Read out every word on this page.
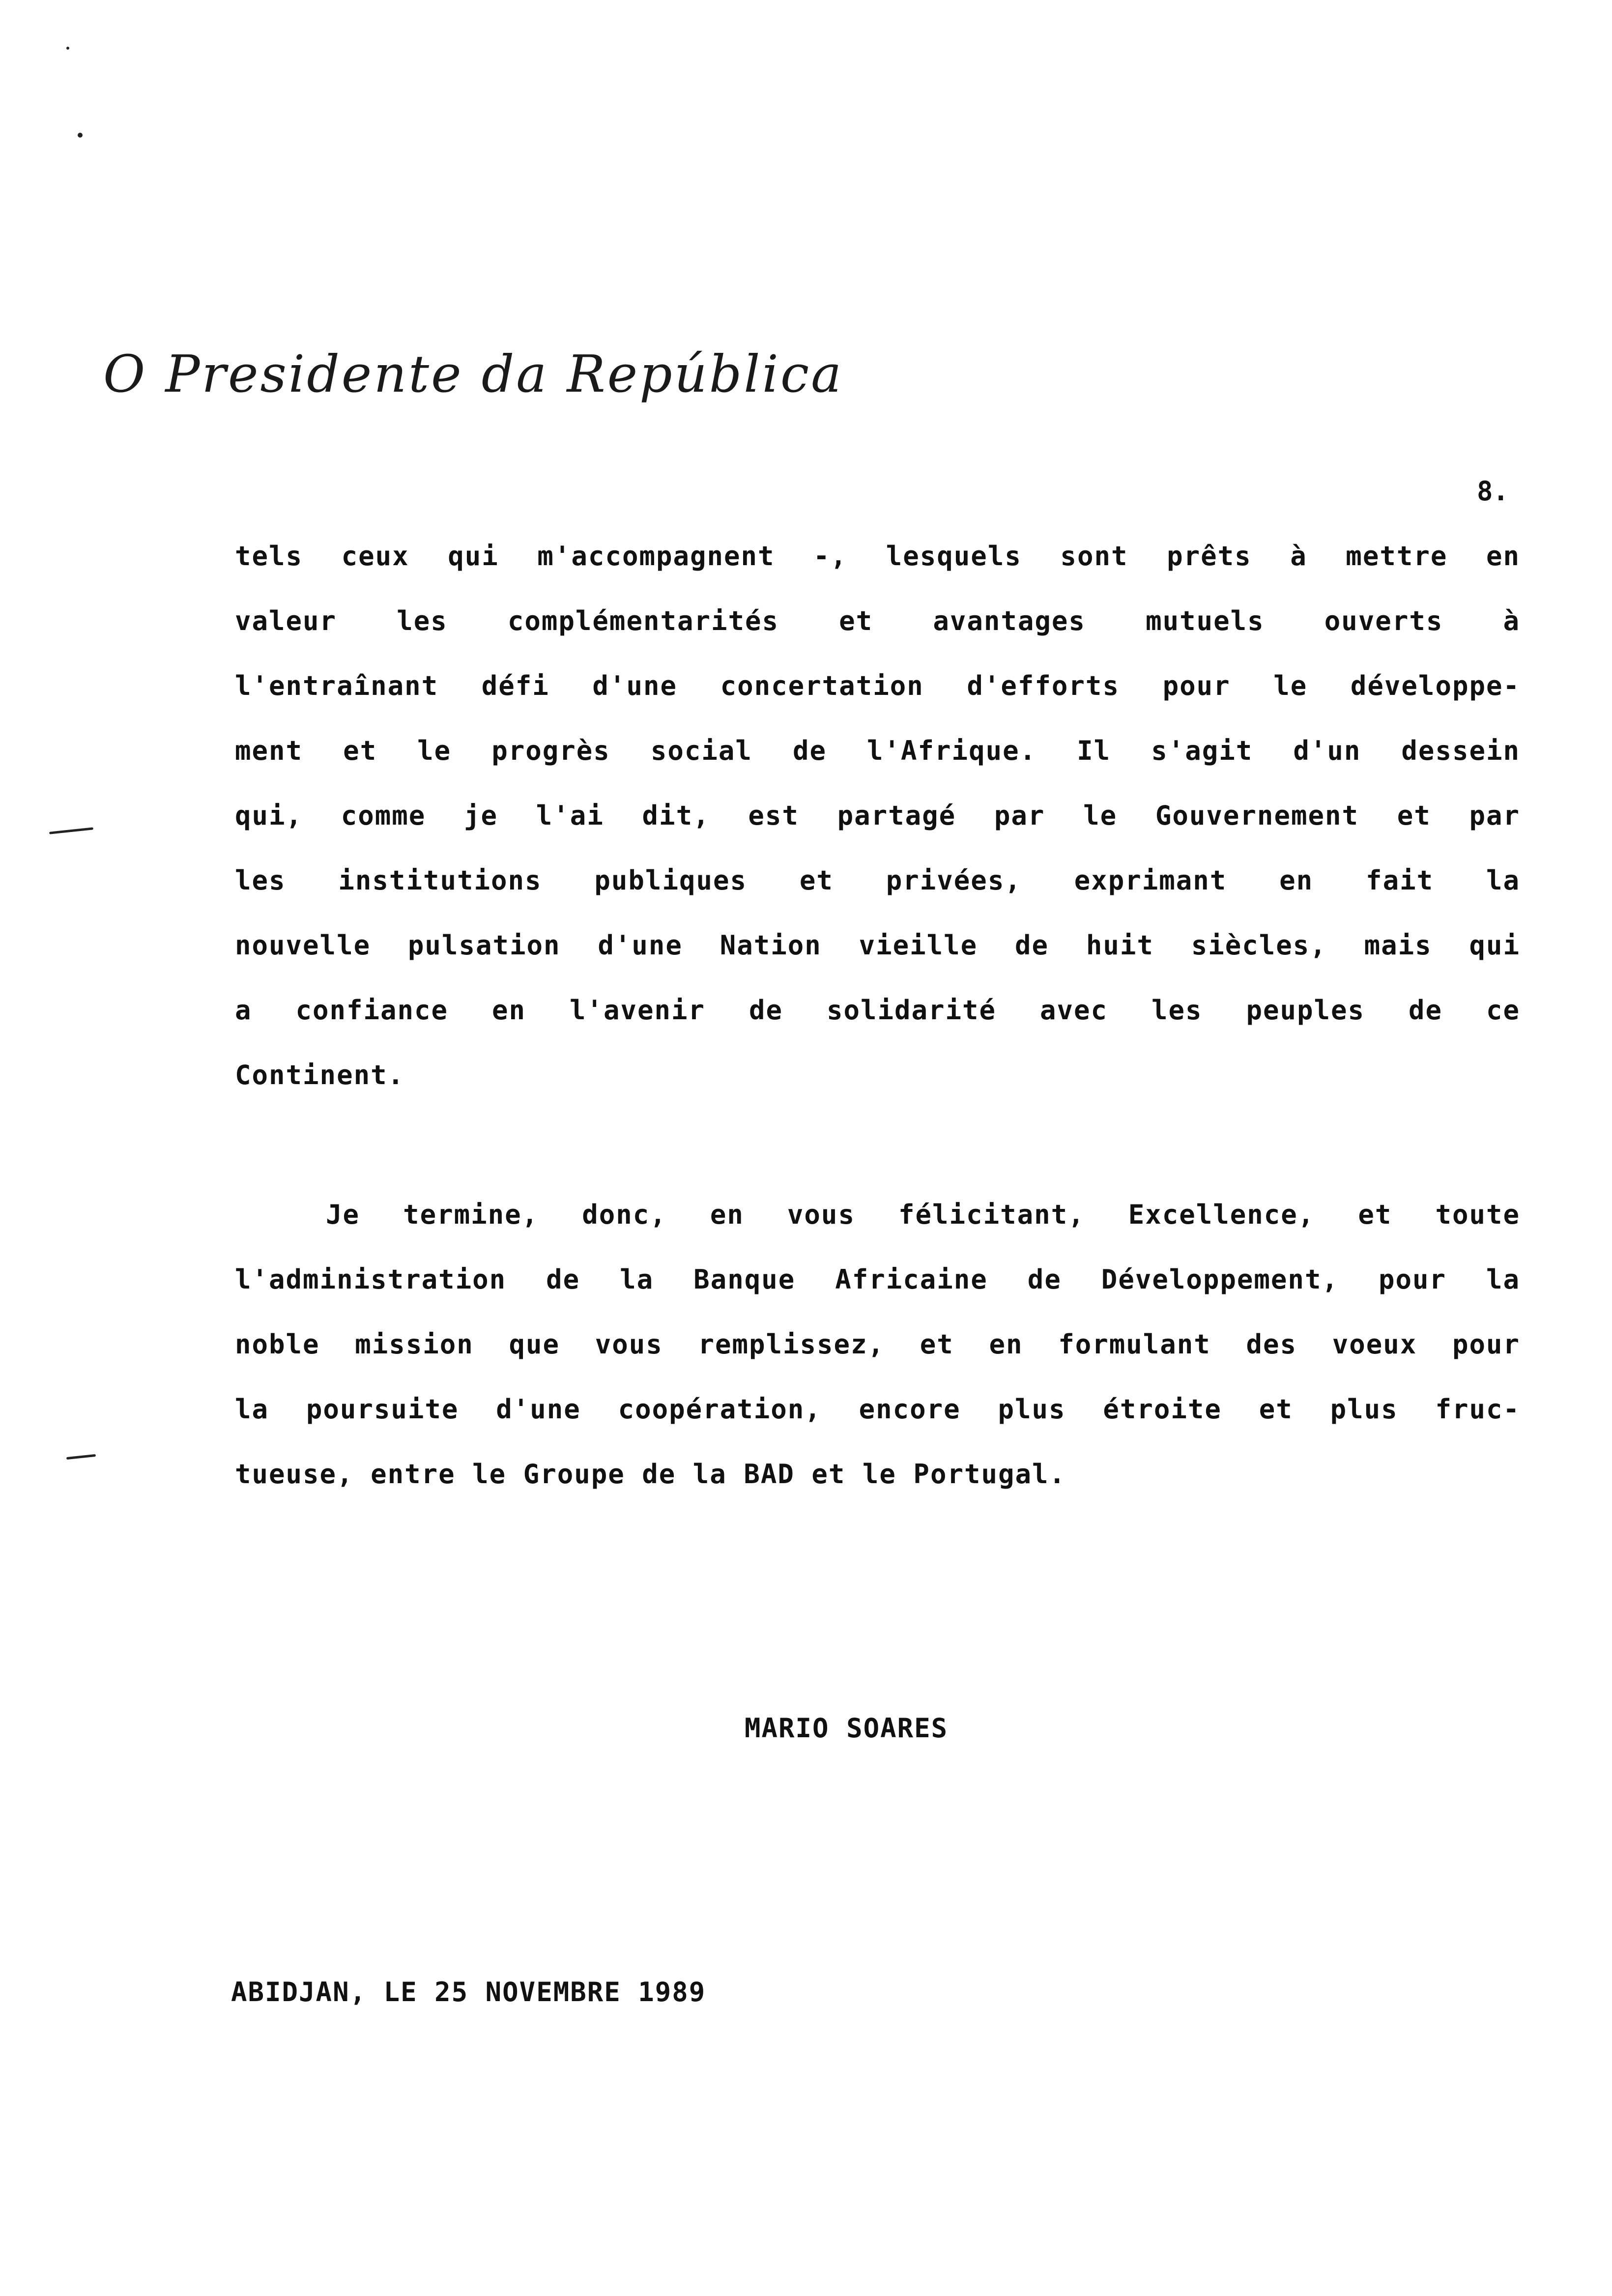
O Presidente da República
8.
tels ceux qui m'accompagnent -, lesquels sont prêts à mettre en
valeur les complémentarités et avantages mutuels ouverts à
l'entraînant défi d'une concertation d'efforts pour le développe-
ment et le progrès social de l'Afrique. Il s'agit d'un dessein
qui, comme je l'ai dit, est partagé par le Gouvernement et par
les institutions publiques et privées, exprimant en fait la
nouvelle pulsation d'une Nation vieille de huit siècles, mais qui
a confiance en l'avenir de solidarité avec les peuples de ce
Continent.
Je termine, donc, en vous félicitant, Excellence, et toute
l'administration de la Banque Africaine de Développement, pour la
noble mission que vous remplissez, et en formulant des voeux pour
la poursuite d'une coopération, encore plus étroite et plus fruc-
tueuse, entre le Groupe de la BAD et le Portugal.
MARIO SOARES
ABIDJAN, LE 25 NOVEMBRE 1989
